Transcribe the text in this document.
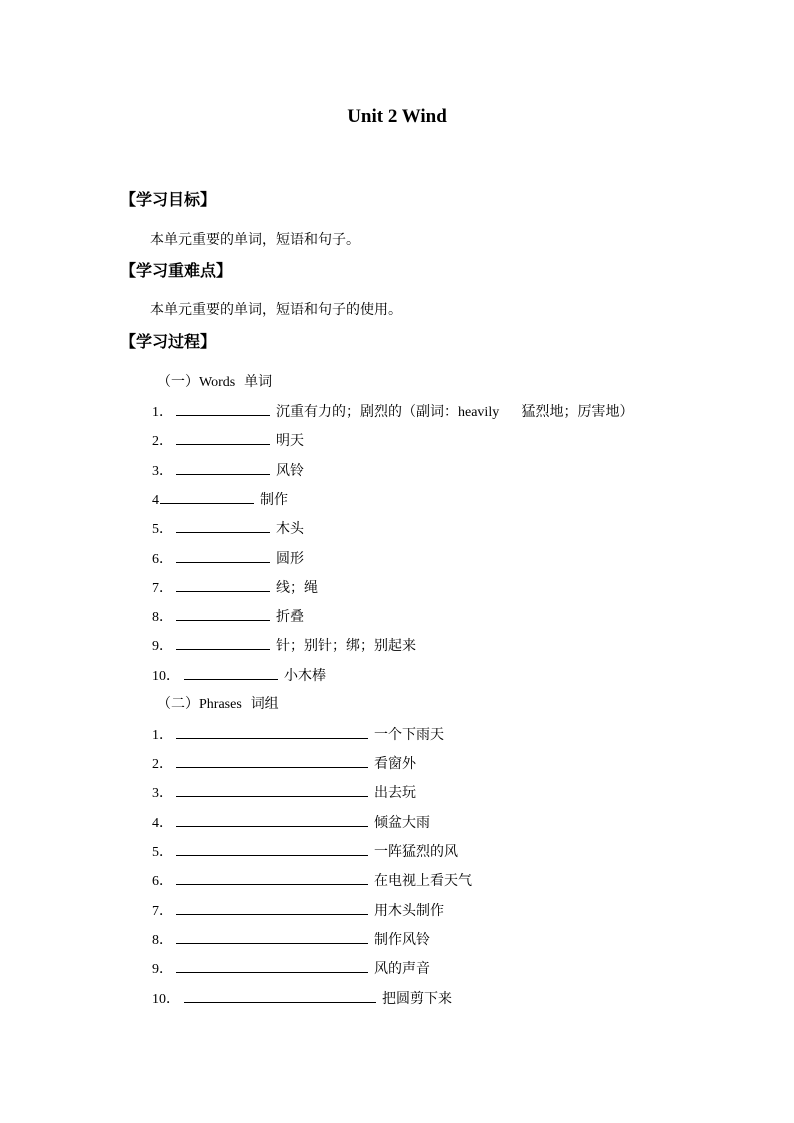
Unit 2 Wind
【学习目标】
本单元重要的单词，短语和句子。
【学习重难点】
本单元重要的单词，短语和句子的使用。
【学习过程】
（一）Words 单词
1．	沉重有力的；剧烈的（副词：heavily 猛烈地；厉害地）
2．	明天
3．	风铃
4	制作
5．	木头
6．	圆形
7．	线；绳
8．	折叠
9．	针；别针；绑；别起来
10．	小木棒
（二）Phrases 词组
1．	一个下雨天
2．	看窗外
3．	出去玩
4．	倾盆大雨
5．	一阵猛烈的风
6．	在电视上看天气
7．	用木头制作
8．	制作风铃
9．	风的声音
10．	把圆剪下来
